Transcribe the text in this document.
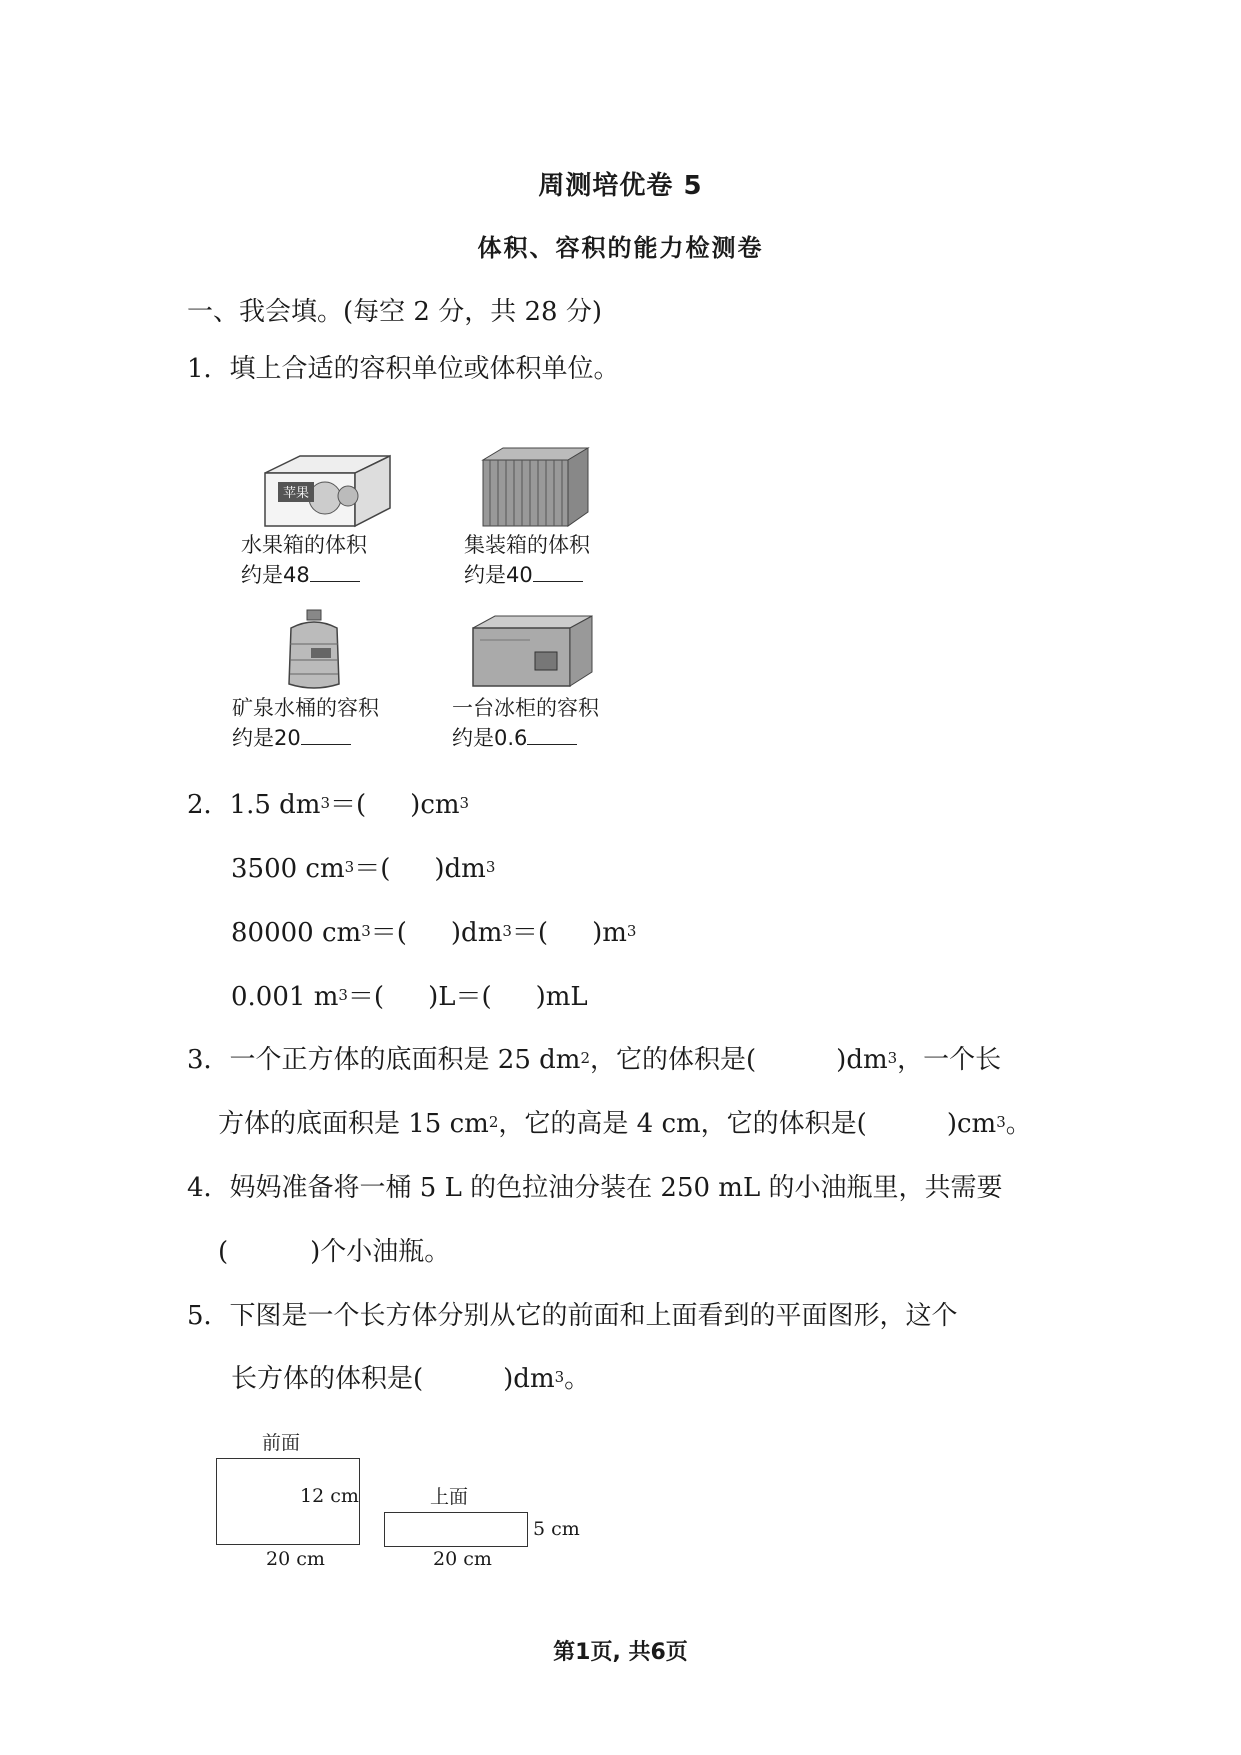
周测培优卷 5
体积、容积的能力检测卷
一、我会填。(每空 2 分，共 28 分)
1．填上合适的容积单位或体积单位。
苹果
水果箱的体积
约是48
集装箱的体积
约是40
矿泉水桶的容积
约是20
一台冰柜的容积
约是0.6
2．1.5 $dm^3=$( )$cm^3$
3500 $cm^3=$( )$dm^3$
80000 $cm^3=$( )$dm^3=$( )$m^3$
0.001 $m^3=$( )L＝( )mL
3．一个正方体的底面积是 25 $dm^2$，它的体积是(	)$dm^3$，一个长
方体的底面积是 15 $cm^2$，它的高是 4 cm，它的体积是(	)$cm^3$。
4．妈妈准备将一桶 5 L 的色拉油分装在 250 mL 的小油瓶里，共需要
(	)个小油瓶。
5．下图是一个长方体分别从它的前面和上面看到的平面图形，这个
长方体的体积是(	)$dm^3$。
前面
12 cm
20 cm
上面
5 cm
20 cm
第1页, 共6页
